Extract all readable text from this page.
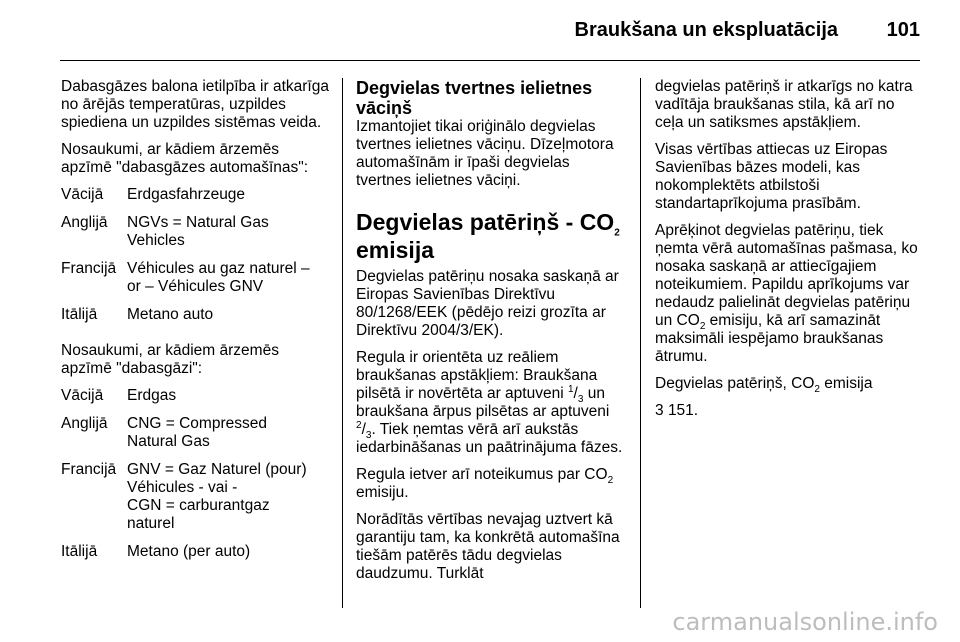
Braukšana un ekspluatācija 101

Dabasgāzes balona ietilpība ir atkarīga no ārējās temperatūras, uzpildes spiediena un uzpildes sistēmas veida.

Nosaukumi, ar kādiem ārzemēs apzīmē "dabasgāzes automašīnas":

Vācijā	Erdgasfahrzeuge
Anglijā	NGVs = Natural Gas
Vehicles
Francijā Véhicules au gaz naturel –
or – Véhicules GNV
Itālijā	Metano auto

Nosaukumi, ar kādiem ārzemēs apzīmē "dabasgāzi":

Vācijā	Erdgas
Anglijā	CNG = Compressed
Natural Gas
Francijā GNV = Gaz Naturel (pour)
Véhicules - vai -
CGN = carburantgaz
naturel
Itālijā	Metano (per auto)
Degvielas tvertnes ielietnes vāciņš

Izmantojiet tikai oriģinālo degvielas tvertnes ielietnes vāciņu. Dīzeļmotora automašīnām ir īpaši degvielas tvertnes ielietnes vāciņi.

Degvielas patēriņš - $CO_2$
emisija

Degvielas patēriņu nosaka saskaņā ar Eiropas Savienības Direktīvu 80/1268/EEK (pēdējo reizi grozīta ar Direktīvu 2004/3/EK).

Regula ir orientēta uz reāliem braukšanas apstākļiem: Braukšana pilsētā ir novērtēta ar aptuveni $^1/_3$ un braukšana ārpus pilsētas ar aptuveni $^2/_3$. Tiek ņemtas vērā arī aukstās iedarbināšanas un paātrinājuma fāzes.

Regula ietver arī noteikumus par $CO_2$ emisiju.

Norādītās vērtības nevajag uztvert kā garantiju tam, ka konkrētā automašīna tiešām patērēs tādu degvielas daudzumu. Turklāt

degvielas patēriņš ir atkarīgs no katra vadītāja braukšanas stila, kā arī no ceļa un satiksmes apstākļiem.

Visas vērtības attiecas uz Eiropas Savienības bāzes modeli, kas nokomplektēts atbilstoši standartaprīkojuma prasībām.

Aprēķinot degvielas patēriņu, tiek ņemta vērā automašīnas pašmasa, ko nosaka saskaņā ar attiecīgajiem noteikumiem. Papildu aprīkojums var nedaudz palielināt degvielas patēriņu un $CO_2$ emisiju, kā arī samazināt maksimāli iespējamo braukšanas ātrumu.

Degvielas patēriņš, $CO_2$ emisija

3 151.

carmanualsonline.info
